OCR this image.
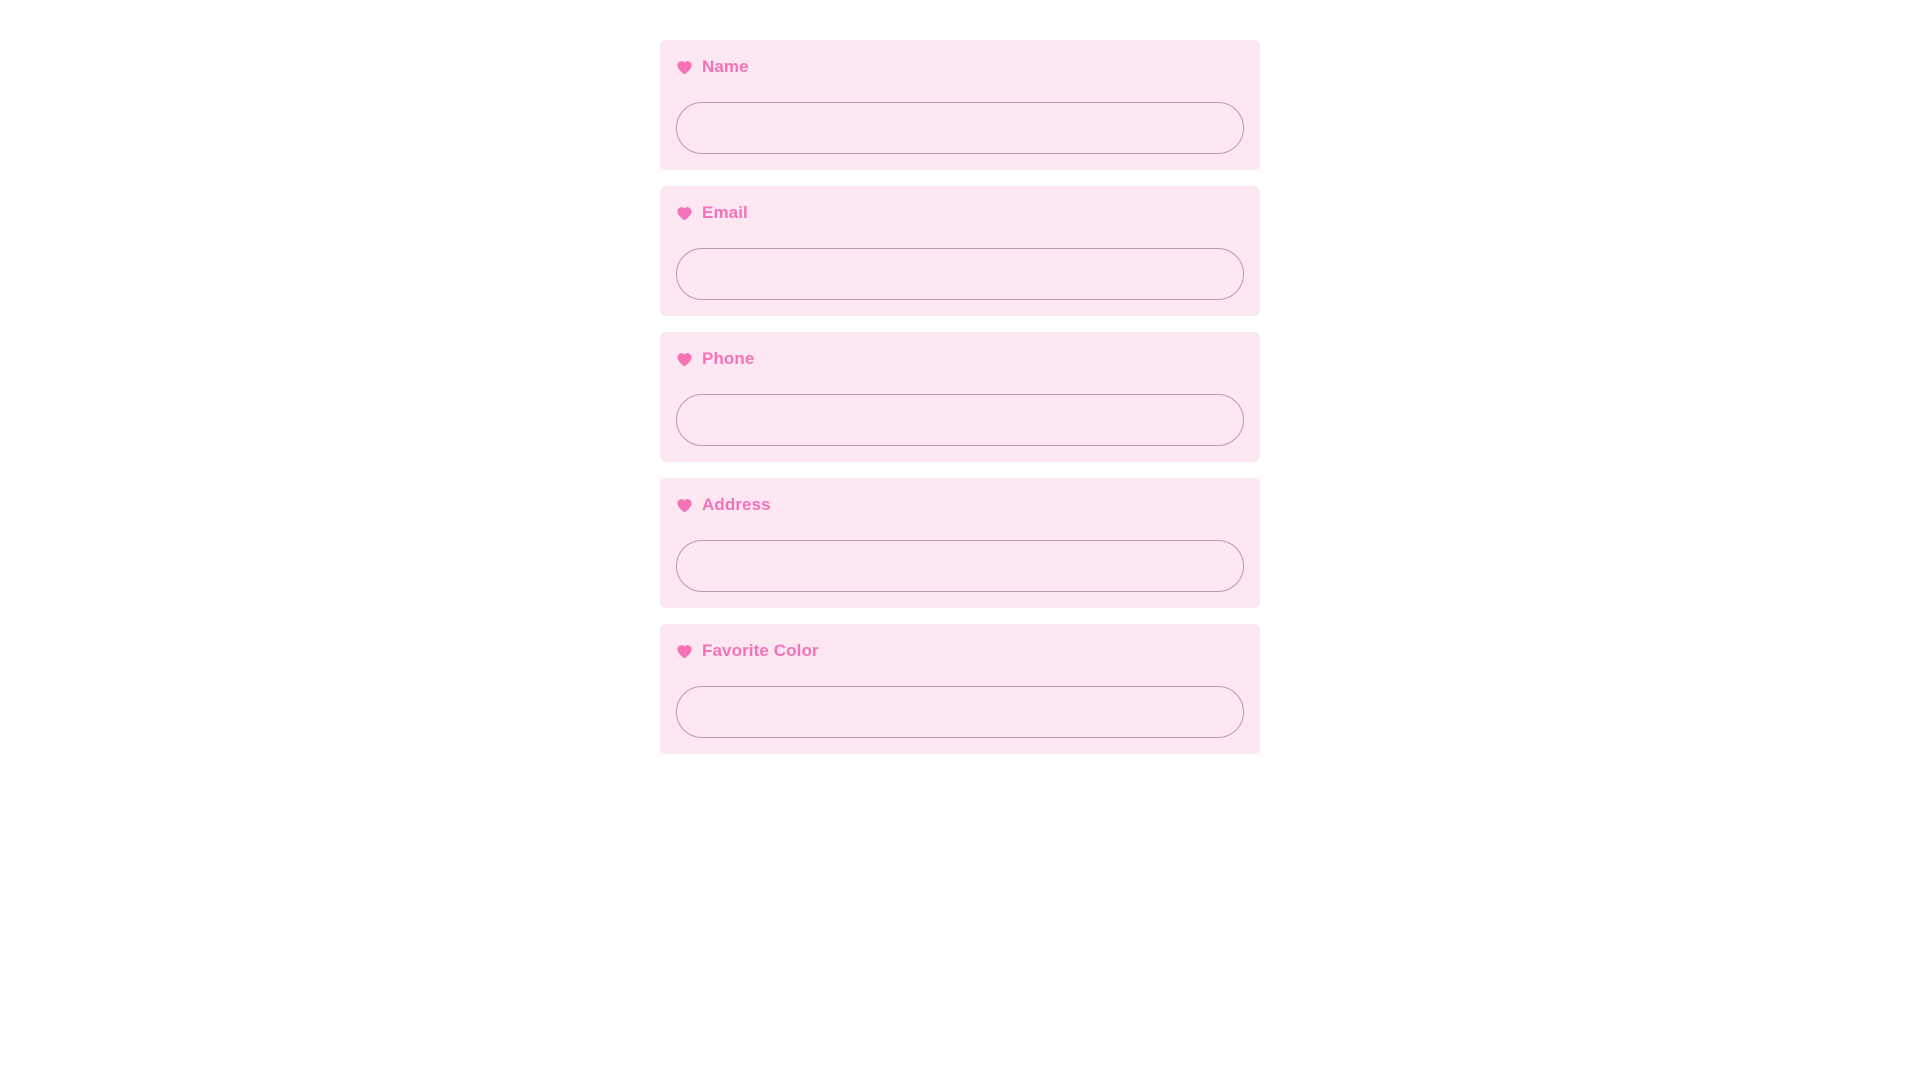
Name
Email
Phone
Address
Favorite Color
